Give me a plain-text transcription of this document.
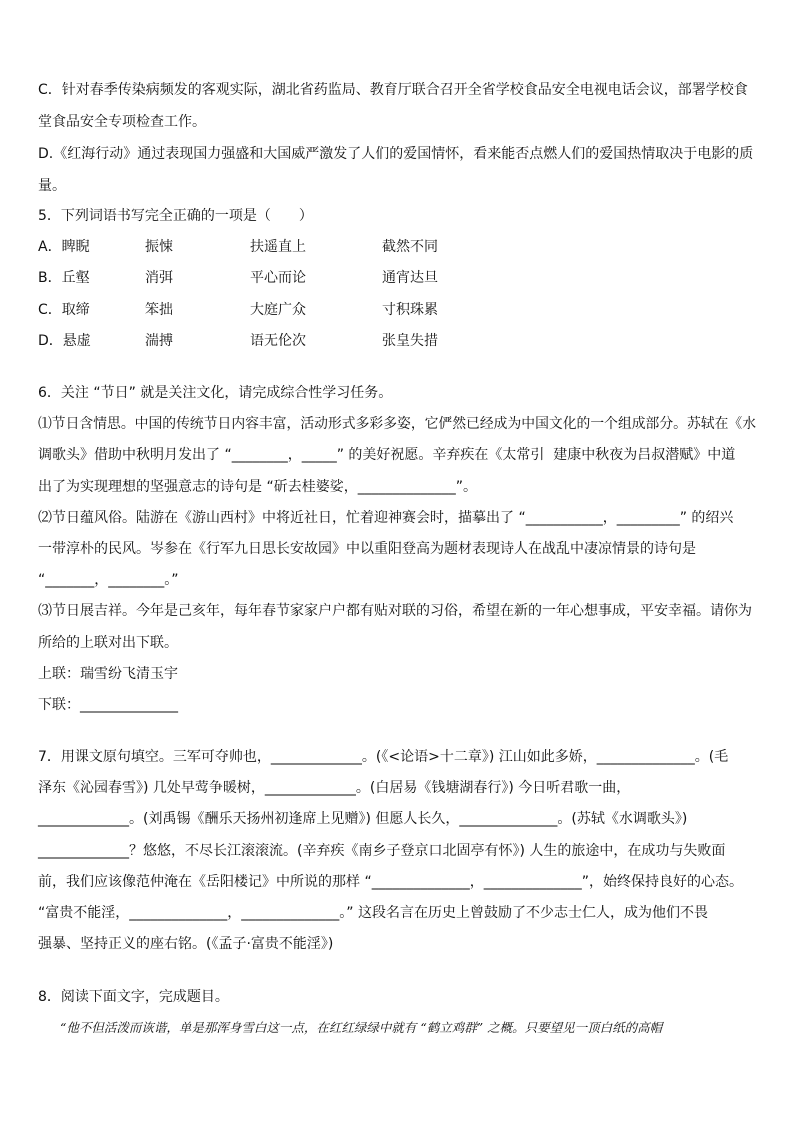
C．针对春季传染病频发的客观实际，湖北省药监局、教育厅联合召开全省学校食品安全电视电话会议，部署学校食
堂食品安全专项检查工作。
D.《红海行动》通过表现国力强盛和大国威严激发了人们的爱国情怀，看来能否点燃人们的爱国热情取决于电影的质
量。
5．下列词语书写完全正确的一项是（　　）

A．睥睨

	振悚

	扶遥直上

	截然不同

B．丘壑

	消弭

	平心而论

	通宵达旦

C．取缔

	笨拙

	大庭广众

	寸积珠累

D．悬虚

	湍搏

	语无伦次

	张皇失措

6．关注 “节日” 就是关注文化，请完成综合性学习任务。
⑴节日含情思。中国的传统节日内容丰富，活动形式多彩多姿，它俨然已经成为中国文化的一个组成部分。苏轼在《水
调歌头》借助中秋明月发出了 “________，_____” 的美好祝愿。辛弃疾在《太常引  建康中秋夜为吕叔潜赋》中道
出了为实现理想的坚强意志的诗句是 “斫去桂婆娑，______________”。
⑵节日蕴风俗。陆游在《游山西村》中将近社日，忙着迎神赛会时，描摹出了 “___________，_________” 的绍兴
一带淳朴的民风。岑参在《行军九日思长安故园》中以重阳登高为题材表现诗人在战乱中凄凉情景的诗句是
“_______，________。”
⑶节日展吉祥。今年是己亥年，每年春节家家户户都有贴对联的习俗，希望在新的一年心想事成，平安幸福。请你为
所给的上联对出下联。
上联：瑞雪纷飞清玉宇
下联：______________
7．用课文原句填空。三军可夺帅也，_____________。(《<论语>十二章》) 江山如此多娇，______________。(毛
泽东《沁园春雪》) 几处早莺争暖树，_____________。(白居易《钱塘湖春行》) 今日听君歌一曲，
_____________。(刘禹锡《酬乐天扬州初逢席上见赠》) 但愿人长久，______________。(苏轼《水调歌头》)
_____________？悠悠，不尽长江滚滚流。(辛弃疾《南乡子登京口北固亭有怀》) 人生的旅途中，在成功与失败面
前，我们应该像范仲淹在《岳阳楼记》中所说的那样 “______________，______________”，始终保持良好的心态。
“富贵不能淫，______________，______________。” 这段名言在历史上曾鼓励了不少志士仁人，成为他们不畏
强暴、坚持正义的座右铭。(《孟子·富贵不能淫》)
8．阅读下面文字，完成题目。
“他不但活泼而诙谐，单是那浑身雪白这一点，在红红绿绿中就有 “鹤立鸡群” 之概。只要望见一顶白纸的高帽
